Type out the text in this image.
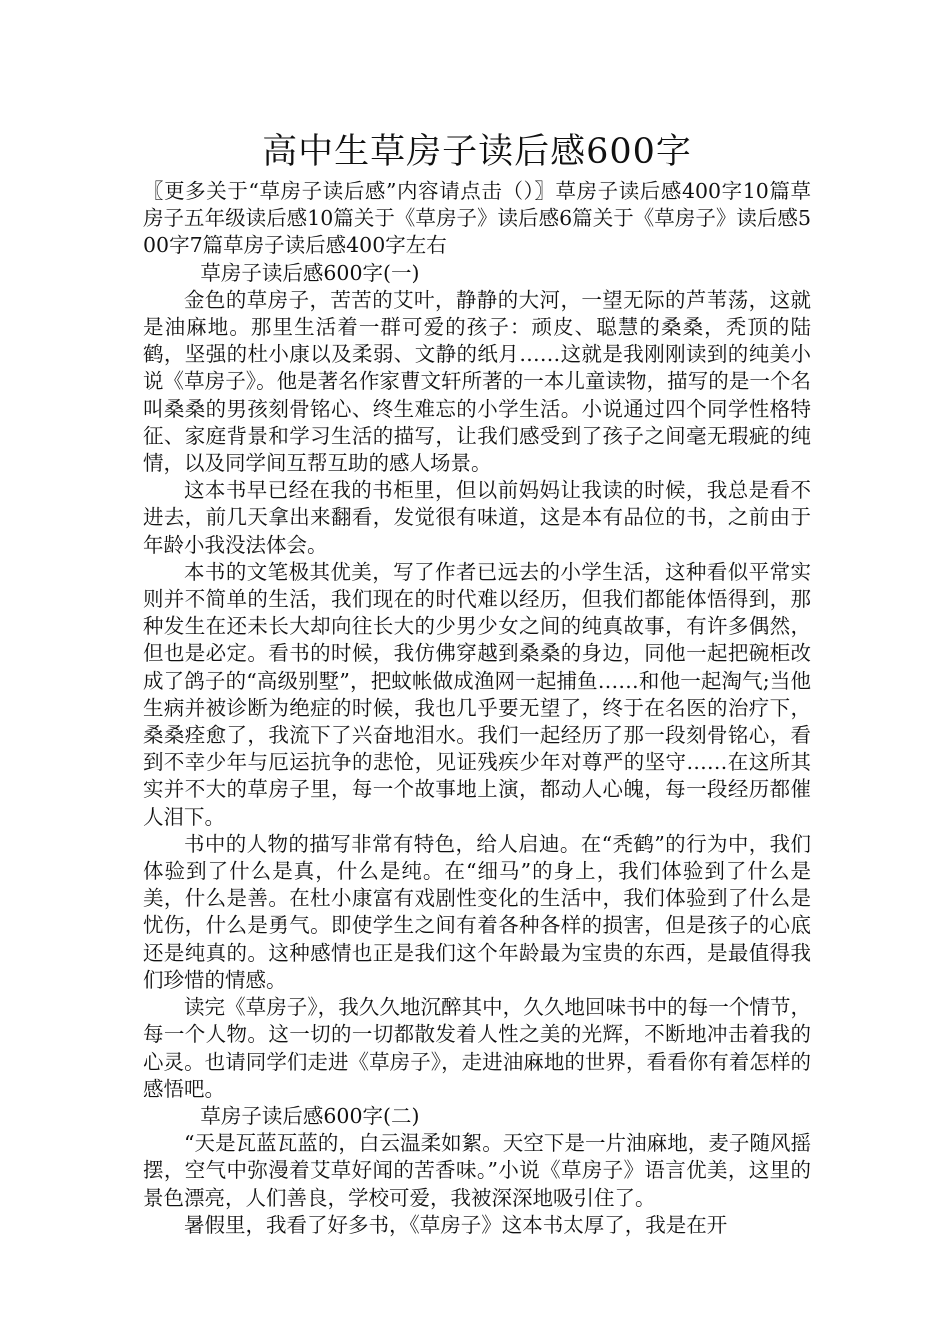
高中生草房子读后感600字

〖更多关于“草房子读后感”内容请点击（）〗草房子读后感400字10篇草房子五年级读后感10篇关于《草房子》读后感6篇关于《草房子》读后感500字7篇草房子读后感400字左右

草房子读后感600字(一)

金色的草房子，苦苦的艾叶，静静的大河，一望无际的芦苇荡，这就是油麻地。那里生活着一群可爱的孩子：顽皮、聪慧的桑桑，秃顶的陆鹤，坚强的杜小康以及柔弱、文静的纸月……这就是我刚刚读到的纯美小说《草房子》。他是著名作家曹文轩所著的一本儿童读物，描写的是一个名叫桑桑的男孩刻骨铭心、终生难忘的小学生活。小说通过四个同学性格特征、家庭背景和学习生活的描写，让我们感受到了孩子之间毫无瑕疵的纯情，以及同学间互帮互助的感人场景。

这本书早已经在我的书柜里，但以前妈妈让我读的时候，我总是看不进去，前几天拿出来翻看，发觉很有味道，这是本有品位的书，之前由于年龄小我没法体会。

本书的文笔极其优美，写了作者已远去的小学生活，这种看似平常实则并不简单的生活，我们现在的时代难以经历，但我们都能体悟得到，那种发生在还未长大却向往长大的少男少女之间的纯真故事，有许多偶然，但也是必定。看书的时候，我仿佛穿越到桑桑的身边，同他一起把碗柜改成了鸽子的“高级别墅”，把蚊帐做成渔网一起捕鱼……和他一起淘气;当他生病并被诊断为绝症的时候，我也几乎要无望了，终于在名医的治疗下，桑桑痊愈了，我流下了兴奋地泪水。我们一起经历了那一段刻骨铭心，看到不幸少年与厄运抗争的悲怆，见证残疾少年对尊严的坚守……在这所其实并不大的草房子里，每一个故事地上演，都动人心魄，每一段经历都催人泪下。

书中的人物的描写非常有特色，给人启迪。在“秃鹤”的行为中，我们体验到了什么是真，什么是纯。在“细马”的身上，我们体验到了什么是美，什么是善。在杜小康富有戏剧性变化的生活中，我们体验到了什么是忧伤，什么是勇气。即使学生之间有着各种各样的损害，但是孩子的心底还是纯真的。这种感情也正是我们这个年龄最为宝贵的东西，是最值得我们珍惜的情感。

读完《草房子》，我久久地沉醉其中，久久地回味书中的每一个情节，每一个人物。这一切的一切都散发着人性之美的光辉，不断地冲击着我的心灵。也请同学们走进《草房子》，走进油麻地的世界，看看你有着怎样的感悟吧。

草房子读后感600字(二)

“天是瓦蓝瓦蓝的，白云温柔如絮。天空下是一片油麻地，麦子随风摇摆，空气中弥漫着艾草好闻的苦香味。”小说《草房子》语言优美，这里的景色漂亮，人们善良，学校可爱，我被深深地吸引住了。

暑假里，我看了好多书，《草房子》这本书太厚了，我是在开
